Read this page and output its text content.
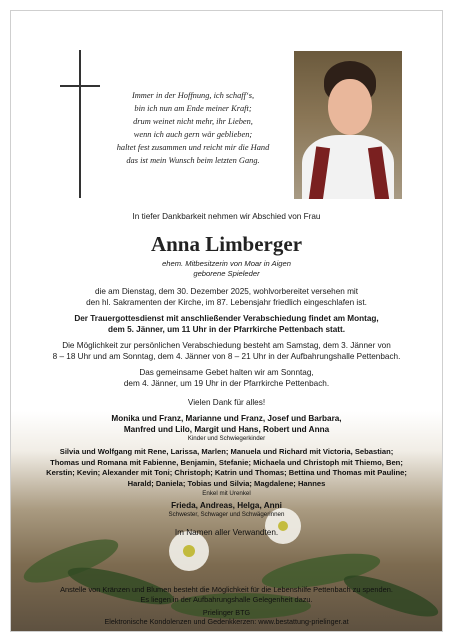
Immer in der Hoffnung, ich schaff‘s,
bin ich nun am Ende meiner Kraft;
drum weinet nicht mehr, ihr Lieben,
wenn ich auch gern wär geblieben;
haltet fest zusammen und reicht mir die Hand
das ist mein Wunsch beim letzten Gang.
In tiefer Dankbarkeit nehmen wir Abschied von Frau
Anna Limberger
ehem. Mitbesitzerin von Moar in Aigen
geborene Spieleder
die am Dienstag, dem 30. Dezember 2025, wohlvorbereitet versehen mit
den hl. Sakramenten der Kirche, im 87. Lebensjahr friedlich eingeschlafen ist.
Der Trauergottesdienst mit anschließender Verabschiedung findet am Montag,
dem 5. Jänner, um 11 Uhr in der Pfarrkirche Pettenbach statt.
Die Möglichkeit zur persönlichen Verabschiedung besteht am Samstag, dem 3. Jänner von
8 – 18 Uhr und am Sonntag, dem 4. Jänner von 8 – 21 Uhr in der Aufbahrungshalle Pettenbach.
Das gemeinsame Gebet halten wir am Sonntag,
dem 4. Jänner, um 19 Uhr in der Pfarrkirche Pettenbach.
Vielen Dank für alles!
Monika und Franz, Marianne und Franz, Josef und Barbara,
Manfred und Lilo, Margit und Hans, Robert und Anna
Kinder und Schwiegerkinder
Silvia und Wolfgang mit Rene, Larissa, Marlen; Manuela und Richard mit Victoria, Sebastian;
Thomas und Romana mit Fabienne, Benjamin, Stefanie; Michaela und Christoph mit Thiemo, Ben;
Kerstin; Kevin; Alexander mit Toni; Christoph; Katrin und Thomas; Bettina und Thomas mit Pauline;
Harald; Daniela; Tobias und Silvia; Magdalene; Hannes
Enkel mit Urenkel
Frieda, Andreas, Helga, Anni
Schwester, Schwager und Schwägerinnen
Im Namen aller Verwandten.
Anstelle von Kränzen und Blumen besteht die Möglichkeit für die Lebenshilfe Pettenbach zu spenden.
Es liegen in der Aufbahrungshalle Gelegenheit dazu.
Prielinger BTG
Elektronische Kondolenzen und Gedenkkerzen: www.bestattung-prielinger.at
